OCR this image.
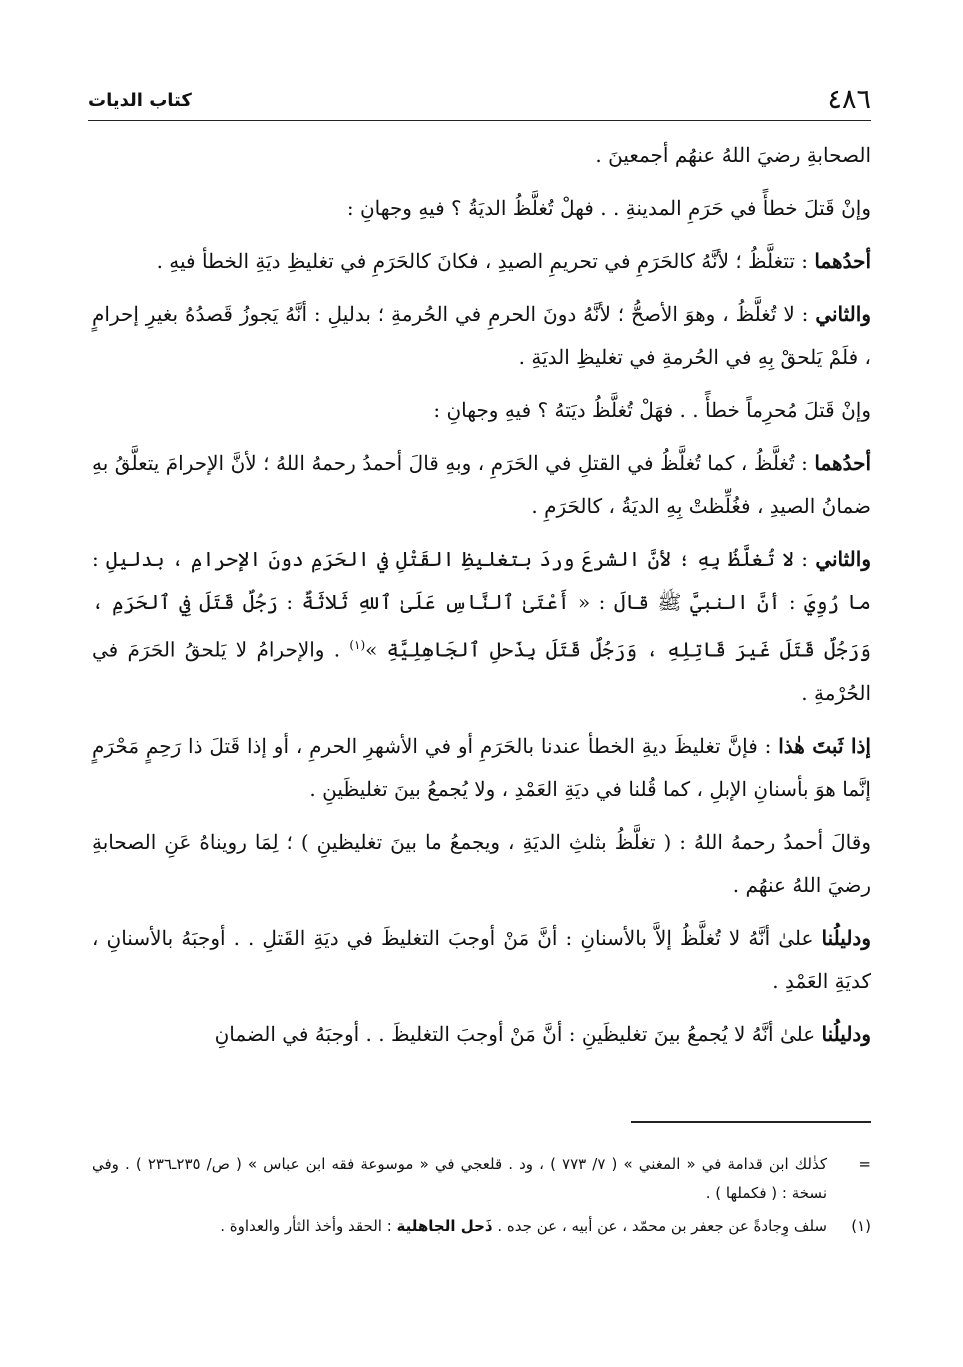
٤٨٦
كتاب الديات

الصحابةِ رضيَ اللهُ عنهُم أجمعينَ .

وإنْ قَتلَ خطأً في حَرَمِ المدينةِ . . فهلْ تُغلَّظُ الديَةُ ؟ فيهِ وجهانِ :

أحدُهما : تتغلَّظُ ؛ لأنَّهُ كالحَرَمِ في تحريمِ الصيدِ ، فكانَ كالحَرَمِ في تغليظِ ديَةِ الخطأ فيهِ .

والثاني : لا تُغلَّظُ ، وهوَ الأصحُّ ؛ لأنَّهُ دونَ الحرمِ في الحُرمةِ ؛ بدليلِ : أنَّهُ يَجوزُ قَصدُهُ بغيرِ إحرامٍ ، فلَمْ يَلحقْ بِهِ في الحُرمةِ في تغليظِ الديَةِ .

وإنْ قَتلَ مُحرِماً خطأً . . فهَلْ تُغلَّظُ ديَتهُ ؟ فيهِ وجهانِ :

أحدُهما : تُغلَّظُ ، كما تُغلَّظُ في القتلِ في الحَرَمِ ، وبهِ قالَ أحمدُ رحمهُ اللهُ ؛ لأنَّ الإحرامَ يتعلَّقُ بهِ ضمانُ الصيدِ ، فغُلِّظتْ بِهِ الديَةُ ، كالحَرَمِ .

والثاني : لا تُغلَّظُ بِهِ ؛ لأنَّ الشرعَ وردَ بتغليظِ القَتْلِ في الحَرَمِ دونَ الإحرامِ ، بدليلِ : ما رُوِيَ : أنَّ النبيَّ ﷺ قالَ : « أَعْتَىٰ ٱلنَّاسِ عَلَىٰ ٱللهِ ثَلاثَةٌ : رَجُلٌ قَتَلَ فِي ٱلحَرَمِ ، وَرَجُلٌ قَتَلَ غَيرَ قَاتِلِهِ ، وَرَجُلٌ قَتَلَ بِذَحلِ ٱلجَاهِلِيَّةِ »$^{(١)}$ . والإحرامُ لا يَلحقُ الحَرَمَ في الحُرْمةِ .

إذا ثَبتَ هٰذا : فإنَّ تغليظَ ديةِ الخطأ عندنا بالحَرَمِ أو في الأشهرِ الحرمِ ، أو إذا قَتلَ ذا رَحِمٍ مَحْرَمٍ إنَّما هوَ بأسنانِ الإبلِ ، كما قُلنا في ديَةِ العَمْدِ ، ولا يُجمعُ بينَ تغليظَينِ .

وقالَ أحمدُ رحمهُ اللهُ : ( تغلَّظُ بثلثِ الديَةِ ، ويجمعُ ما بينَ تغليظينِ ) ؛ لِمَا رويناهُ عَنِ الصحابةِ رضيَ اللهُ عنهُم .

ودليلُنا علىٰ أنَّهُ لا تُغلَّظُ إلاَّ بالأسنانِ : أنَّ مَنْ أوجبَ التغليظَ في ديَةِ القَتلِ . . أوجبَهُ بالأسنانِ ، كديَةِ العَمْدِ .

ودليلُنا علىٰ أنَّهُ لا يُجمعُ بينَ تغليظَينِ : أنَّ مَنْ أوجبَ التغليظَ . . أوجبَهُ في الضمانِ

=
كذٰلك ابن قدامة في « المغني » ( ٧/ ٧٧٣ ) ، ود . قلعجي في « موسوعة فقه ابن عباس » ( ص/ ٢٣٥ـ٢٣٦ ) . وفي نسخة : ( فكملها ) .
(١)
سلف وِجادةً عن جعفر بن محمّد ، عن أبيه ، عن جده . ذَحل الجاهلية : الحقد وأخذ الثأر والعداوة .
